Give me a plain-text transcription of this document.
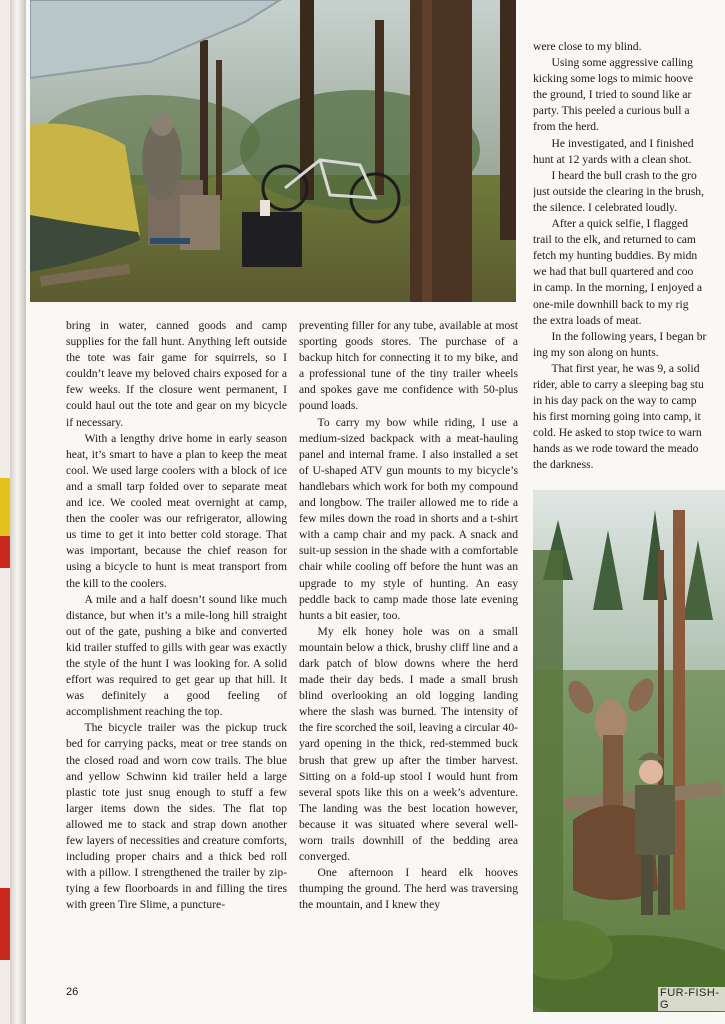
bring in water, canned goods and camp supplies for the fall hunt. Anything left outside the tote was fair game for squirrels, so I couldn’t leave my beloved chairs exposed for a few weeks. If the closure went permanent, I could haul out the tote and gear on my bicycle if necessary.

With a lengthy drive home in early season heat, it’s smart to have a plan to keep the meat cool. We used large coolers with a block of ice and a small tarp folded over to separate meat and ice. We cooled meat overnight at camp, then the cooler was our refrigerator, allowing us time to get it into better cold storage. That was important, because the chief reason for using a bicycle to hunt is meat transport from the kill to the coolers.

A mile and a half doesn’t sound like much distance, but when it’s a mile-long hill straight out of the gate, pushing a bike and converted kid trailer stuffed to gills with gear was exactly the style of the hunt I was looking for. A solid effort was required to get gear up that hill. It was definitely a good feeling of accomplishment reaching the top.

The bicycle trailer was the pickup truck bed for carrying packs, meat or tree stands on the closed road and worn cow trails. The blue and yellow Schwinn kid trailer held a large plastic tote just snug enough to stuff a few larger items down the sides. The flat top allowed me to stack and strap down another few layers of necessities and creature comforts, including proper chairs and a thick bed roll with a pillow. I strengthened the trailer by zip-tying a few floorboards in and filling the tires with green Tire Slime, a puncture-

preventing filler for any tube, available at most sporting goods stores. The purchase of a backup hitch for connecting it to my bike, and a professional tune of the tiny trailer wheels and spokes gave me confidence with 50-plus pound loads.

To carry my bow while riding, I use a medium-sized backpack with a meat-hauling panel and internal frame. I also installed a set of U-shaped ATV gun mounts to my bicycle’s handlebars which work for both my compound and longbow. The trailer allowed me to ride a few miles down the road in shorts and a t-shirt with a camp chair and my pack. A snack and suit-up session in the shade with a comfortable chair while cooling off before the hunt was an upgrade to my style of hunting. An easy peddle back to camp made those late evening hunts a bit easier, too.

My elk honey hole was on a small mountain below a thick, brushy cliff line and a dark patch of blow downs where the herd made their day beds. I made a small brush blind overlooking an old logging landing where the slash was burned. The intensity of the fire scorched the soil, leaving a circular 40-yard opening in the thick, red-stemmed buck brush that grew up after the timber harvest. Sitting on a fold-up stool I would hunt from several spots like this on a week’s adventure. The landing was the best location however, because it was situated where several well-worn trails downhill of the bedding area converged.

One afternoon I heard elk hooves thumping the ground. The herd was traversing the mountain, and I knew they

were close to my blind.
Using some aggressive calling
kicking some logs to mimic hoove
the ground, I tried to sound like ar
party. This peeled a curious bull a
from the herd.
He investigated, and I finished
hunt at 12 yards with a clean shot.
I heard the bull crash to the gro
just outside the clearing in the brush,
the silence. I celebrated loudly.
After a quick selfie, I flagged
trail to the elk, and returned to cam
fetch my hunting buddies. By midn
we had that bull quartered and coo
in camp. In the morning, I enjoyed a
one-mile downhill back to my rig
the extra loads of meat.
In the following years, I began br
ing my son along on hunts.
That first year, he was 9, a solid
rider, able to carry a sleeping bag stu
in his day pack on the way to camp
his first morning going into camp, it
cold. He asked to stop twice to warn
hands as we rode toward the meado
the darkness.
26	FUR-FISH-G
